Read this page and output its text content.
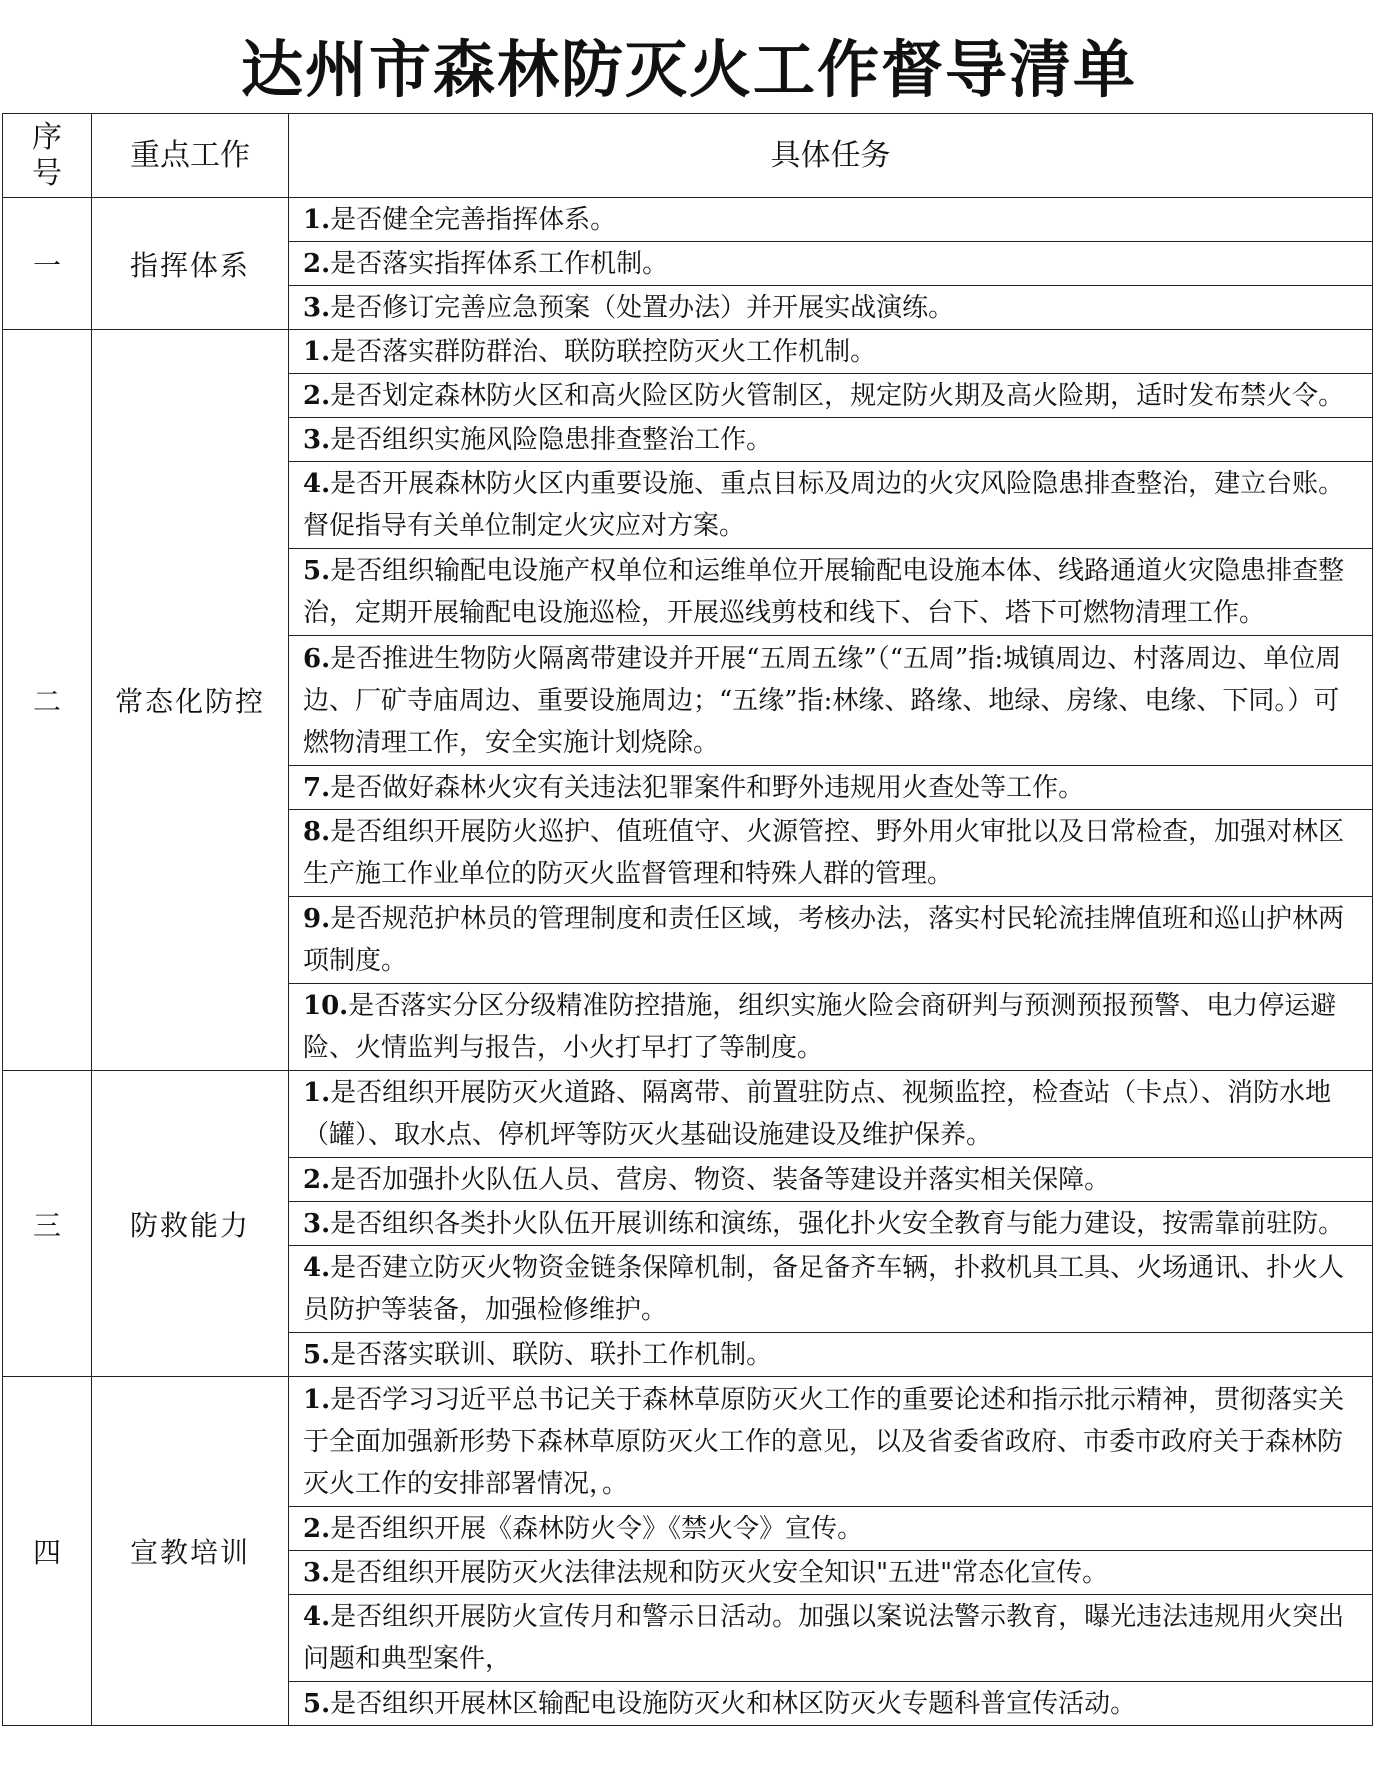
达州市森林防灭火工作督导清单
序号	重点工作	具体任务
一	指挥体系	1.是否健全完善指挥体系。
		2.是否落实指挥体系工作机制。
		3.是否修订完善应急预案（处置办法）并开展实战演练。
二	常态化防控	1.是否落实群防群治、联防联控防灭火工作机制。
		2.是否划定森林防火区和高火险区防火管制区，规定防火期及高火险期，适时发布禁火令。
		3.是否组织实施风险隐患排查整治工作。
		4.是否开展森林防火区内重要设施、重点目标及周边的火灾风险隐患排查整治，建立台账。督促指导有关单位制定火灾应对方案。
		5.是否组织输配电设施产权单位和运维单位开展输配电设施本体、线路通道火灾隐患排查整治，定期开展输配电设施巡检，开展巡线剪枝和线下、台下、塔下可燃物清理工作。
		6.是否推进生物防火隔离带建设并开展“五周五缘”（“五周”指:城镇周边、村落周边、单位周边、厂矿寺庙周边、重要设施周边；“五缘”指:林缘、路缘、地绿、房缘、电缘、下同。）可燃物清理工作，安全实施计划烧除。
		7.是否做好森林火灾有关违法犯罪案件和野外违规用火查处等工作。
		8.是否组织开展防火巡护、值班值守、火源管控、野外用火审批以及日常检查，加强对林区生产施工作业单位的防灭火监督管理和特殊人群的管理。
		9.是否规范护林员的管理制度和责任区域，考核办法，落实村民轮流挂牌值班和巡山护林两项制度。
		10.是否落实分区分级精准防控措施，组织实施火险会商研判与预测预报预警、电力停运避险、火情监判与报告，小火打早打了等制度。
三	防救能力	1.是否组织开展防灭火道路、隔离带、前置驻防点、视频监控，检查站（卡点）、消防水地（罐）、取水点、停机坪等防灭火基础设施建设及维护保养。
		2.是否加强扑火队伍人员、营房、物资、装备等建设并落实相关保障。
		3.是否组织各类扑火队伍开展训练和演练，强化扑火安全教育与能力建设，按需靠前驻防。
		4.是否建立防灭火物资金链条保障机制，备足备齐车辆，扑救机具工具、火场通讯、扑火人员防护等装备，加强检修维护。
		5.是否落实联训、联防、联扑工作机制。
四	宣教培训	1.是否学习习近平总书记关于森林草原防灭火工作的重要论述和指示批示精神，贯彻落实关于全面加强新形势下森林草原防灭火工作的意见，以及省委省政府、市委市政府关于森林防灭火工作的安排部署情况，。
		2.是否组织开展《森林防火令》《禁火令》宣传。
		3.是否组织开展防灭火法律法规和防灭火安全知识"五进"常态化宣传。
		4.是否组织开展防火宣传月和警示日活动。加强以案说法警示教育，曝光违法违规用火突出问题和典型案件，
		5.是否组织开展林区输配电设施防灭火和林区防灭火专题科普宣传活动。
